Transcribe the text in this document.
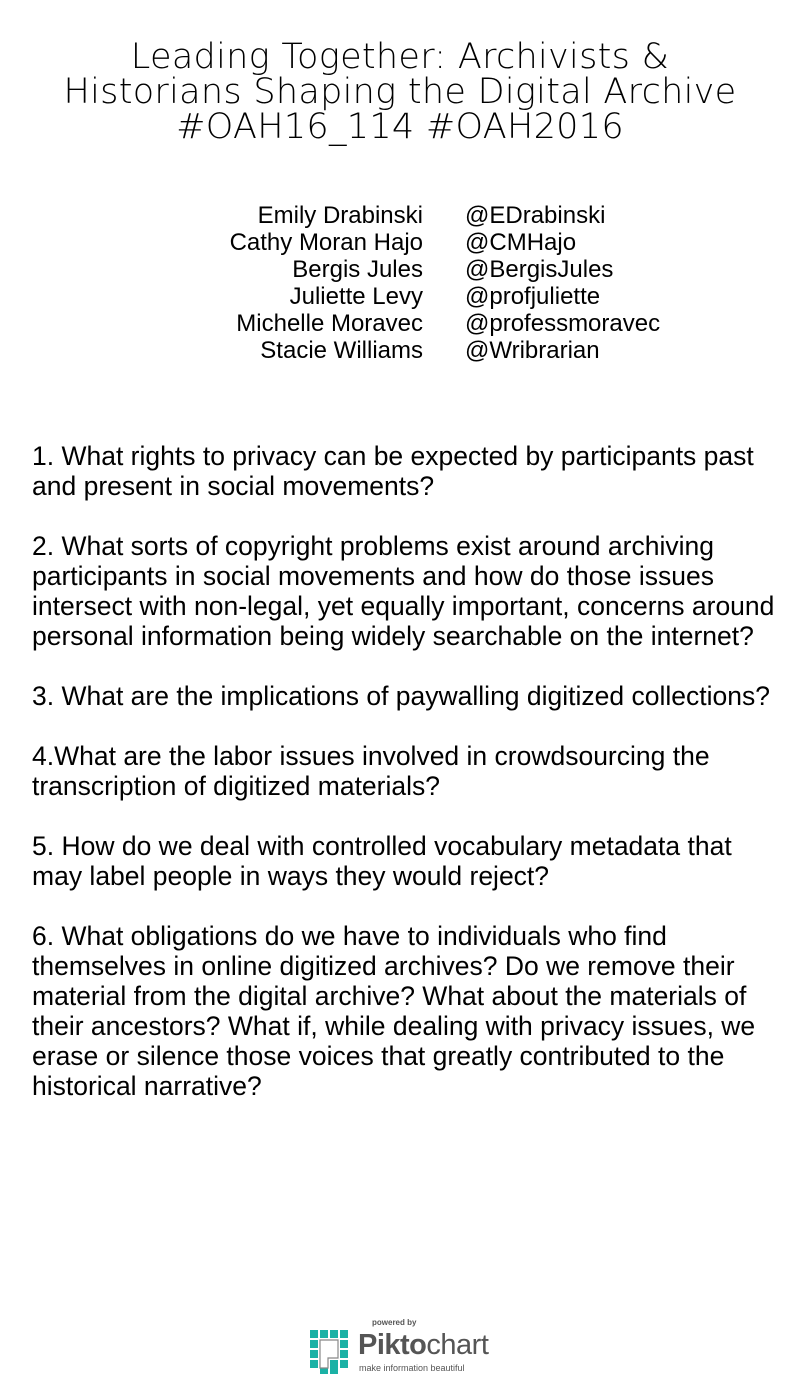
Leading Together: Archivists &
Historians Shaping the Digital Archive
#OAH16_114 #OAH2016
Emily Drabinski @EDrabinski
Cathy Moran Hajo @CMHajo
Bergis Jules @BergisJules
Juliette Levy @profjuliette
Michelle Moravec @professmoravec
Stacie Williams @Wribrarian
1. What rights to privacy can be expected by participants past and present in social movements?
2. What sorts of copyright problems exist around archiving participants in social movements and how do those issues intersect with non-legal, yet equally important, concerns around personal information being widely searchable on the internet?
3. What are the implications of paywalling digitized collections?
4.What are the labor issues involved in crowdsourcing the transcription of digitized materials?
5. How do we deal with controlled vocabulary metadata that may label people in ways they would reject?
6. What obligations do we have to individuals who find themselves in online digitized archives? Do we remove their material from the digital archive? What about the materials of their ancestors? What if, while dealing with privacy issues, we erase or silence those voices that greatly contributed to the historical narrative?
powered by
Piktochart
make information beautiful
